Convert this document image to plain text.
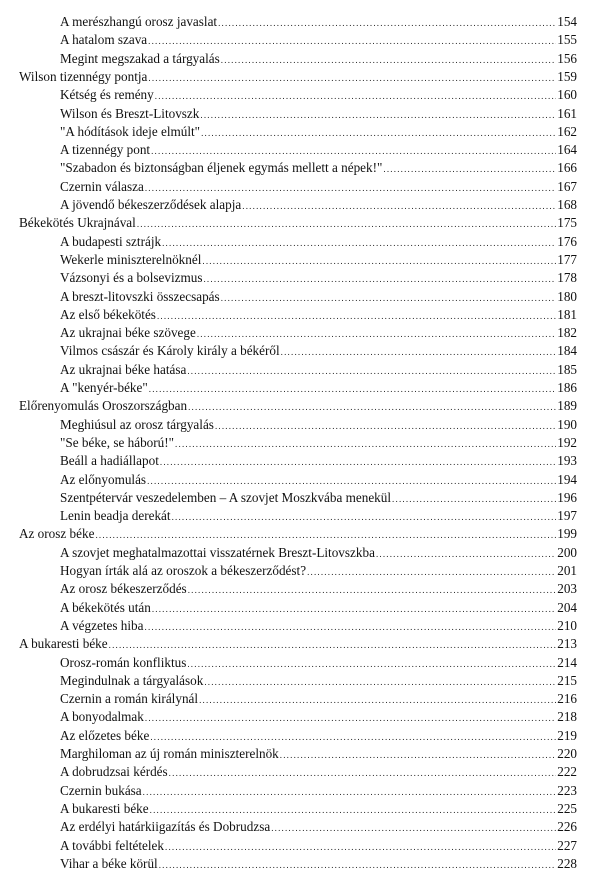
A merészhangú orosz javaslat .....	154
A hatalom szava .....	155
Megint megszakad a tárgyalás .....	156
Wilson tizennégy pontja .....	159
Kétség és remény .....	160
Wilson és Breszt-Litovszk .....	161
"A hódítások ideje elmúlt" .....	162
A tizennégy pont .....	164
"Szabadon és biztonságban éljenek egymás mellett a népek!" .....	166
Czernin válasza .....	167
A jövendő békeszerződések alapja .....	168
Békekötés Ukrajnával .....	175
A budapesti sztrájk .....	176
Wekerle miniszterelnöknél .....	177
Vázsonyi és a bolsevizmus .....	178
A breszt-litovszki összecsapás .....	180
Az első békekötés .....	181
Az ukrajnai béke szövege .....	182
Vilmos császár és Károly király a békéről .....	184
Az ukrajnai béke hatása .....	185
A "kenyér-béke" .....	186
Előrenyomulás Oroszországban .....	189
Meghiúsul az orosz tárgyalás .....	190
"Se béke, se háború!" .....	192
Beáll a hadiállapot .....	193
Az előnyomulás .....	194
Szentpétervár veszedelemben – A szovjet Moszkvába menekül .....	196
Lenin beadja derekát .....	197
Az orosz béke .....	199
A szovjet meghatalmazottai visszatérnek Breszt-Litovszkba .....	200
Hogyan írták alá az oroszok a békeszerződést? .....	201
Az orosz békeszerződés .....	203
A békekötés után .....	204
A végzetes hiba .....	210
A bukaresti béke .....	213
Orosz-román konfliktus .....	214
Megindulnak a tárgyalások .....	215
Czernin a román királynál .....	216
A bonyodalmak .....	218
Az előzetes béke .....	219
Marghiloman az új román miniszterelnök .....	220
A dobrudzsai kérdés .....	222
Czernin bukása .....	223
A bukaresti béke .....	225
Az erdélyi határkiigazítás és Dobrudzsa .....	226
A további feltételek .....	227
Vihar a béke körül .....	228
